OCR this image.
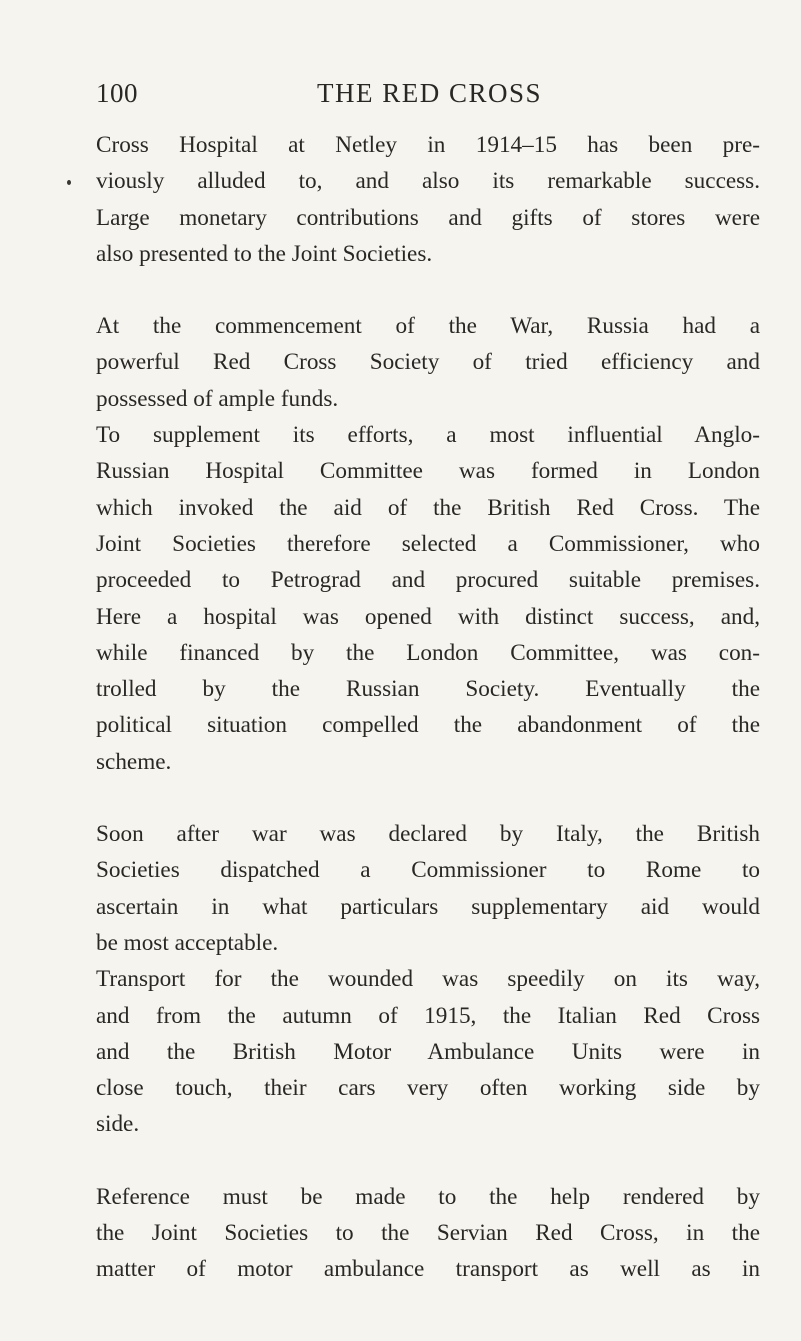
100	THE RED CROSS

Cross Hospital at Netley in 1914–15 has been pre-
viously alluded to, and also its remarkable success.
Large monetary contributions and gifts of stores were
also presented to the Joint Societies.

At the commencement of the War, Russia had a
powerful Red Cross Society of tried efficiency and
possessed of ample funds.

To supplement its efforts, a most influential Anglo-
Russian Hospital Committee was formed in London
which invoked the aid of the British Red Cross. The
Joint Societies therefore selected a Commissioner, who
proceeded to Petrograd and procured suitable premises.
Here a hospital was opened with distinct success, and,
while financed by the London Committee, was con-
trolled by the Russian Society. Eventually the
political situation compelled the abandonment of the
scheme.

Soon after war was declared by Italy, the British
Societies dispatched a Commissioner to Rome to
ascertain in what particulars supplementary aid would
be most acceptable.

Transport for the wounded was speedily on its way,
and from the autumn of 1915, the Italian Red Cross
and the British Motor Ambulance Units were in
close touch, their cars very often working side by
side.

Reference must be made to the help rendered by
the Joint Societies to the Servian Red Cross, in the
matter of motor ambulance transport as well as in
